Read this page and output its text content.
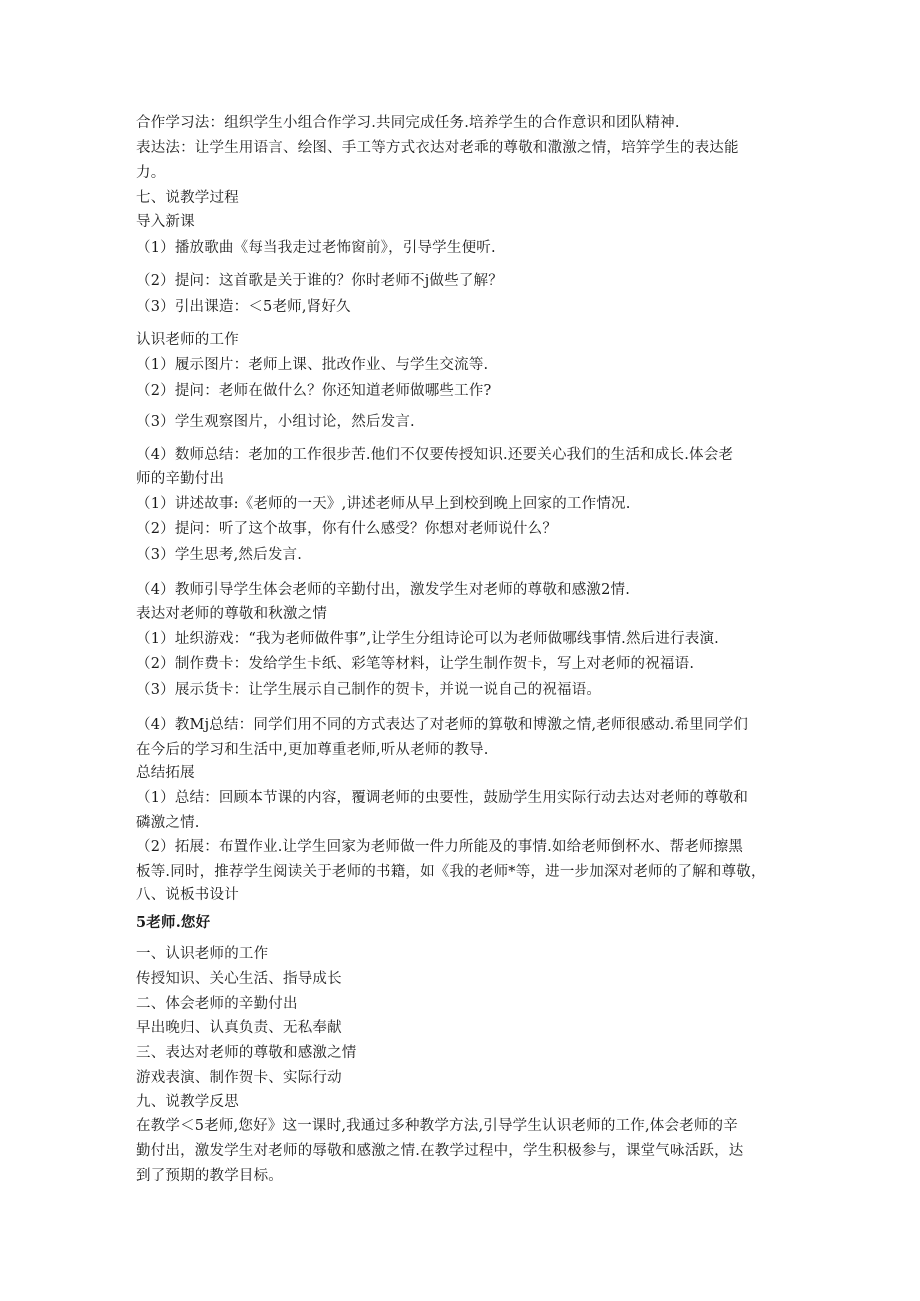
合作学习法：组织学生小组合作学习.共同完成任务.培养学生的合作意识和团队精神.
表达法：让学生用语言、绘图、手工等方式衣达对老乖的尊敬和潵激之情，培笄学生的表达能
力。
七、说教学过程
导入新课
（1）播放歌曲《每当我走过老怖窗前》，引导学生便听.
（2）提问：这首歌是关于谁的？你时老师不j做些了解？
（3）引出课造：＜5老师,肾好久
认识老师的工作
（1）履示图片：老师上课、批改作业、与学生交流等.
（2）提问：老师在做什么？你还知道老师做哪些工作?
（3）学生观察图片，小组讨论，然后发言.
（4）数师总结：老加的工作很步苦.他们不仅要传授知识.还要关心我们的生活和成长.体会老
师的辛勤付出
（1）讲述故事:《老师的一天》,讲述老师从早上到校到晚上回家的工作情况.
（2）提问：听了这个故事，你有什么感受？你想对老师说什么？
（3）学生思考,然后发言.
（4）教师引导学生体会老师的辛勤付出，激发学生对老师的尊敬和感激2情.
表达对老师的尊敬和秋激之情
（1）址织游戏：“我为老师做件事”,让学生分组诗论可以为老师做哪线事情.然后进行表演.
（2）制作费卡：发给学生卡纸、彩笔等材料，让学生制作贺卡，写上对老师的祝福语.
（3）展示货卡：让学生展示自己制作的贺卡，并说一说自己的祝福语。
（4）教Mj总结：同学们用不同的方式表达了对老师的算敬和博激之情,老师很感动.希里同学们
在今后的学习和生活中,更加尊重老师,听从老师的教导.
总结拓展
（1）总结：回顾本节课的内容，覆调老师的虫要性，鼓励学生用实际行动去达对老师的尊敬和
磷激之情.
（2）拓展：布置作业.让学生回家为老师做一件力所能及的事情.如给老师倒杯水、帮老师擦黑
板等.同时，推荐学生阅读关于老师的书籍，如《我的老师*等，进一步加深对老师的了解和尊敬，
八、说板书设计
5老师.您好
一、认识老师的工作
传授知识、关心生活、指导成长
二、体会老师的辛勤付出
早出晚归、认真负责、无私奉献
三、表达对老师的尊敬和感激之情
游戏表演、制作贺卡、实际行动
九、说教学反思
在教学＜5老师,您好》这一课时,我通过多种教学方法,引导学生认识老师的工作,体会老师的辛
勤付出，激发学生对老师的辱敬和感激之情.在教学过程中，学生积极参与，课堂气咏活跃，达
到了预期的教学目标。
